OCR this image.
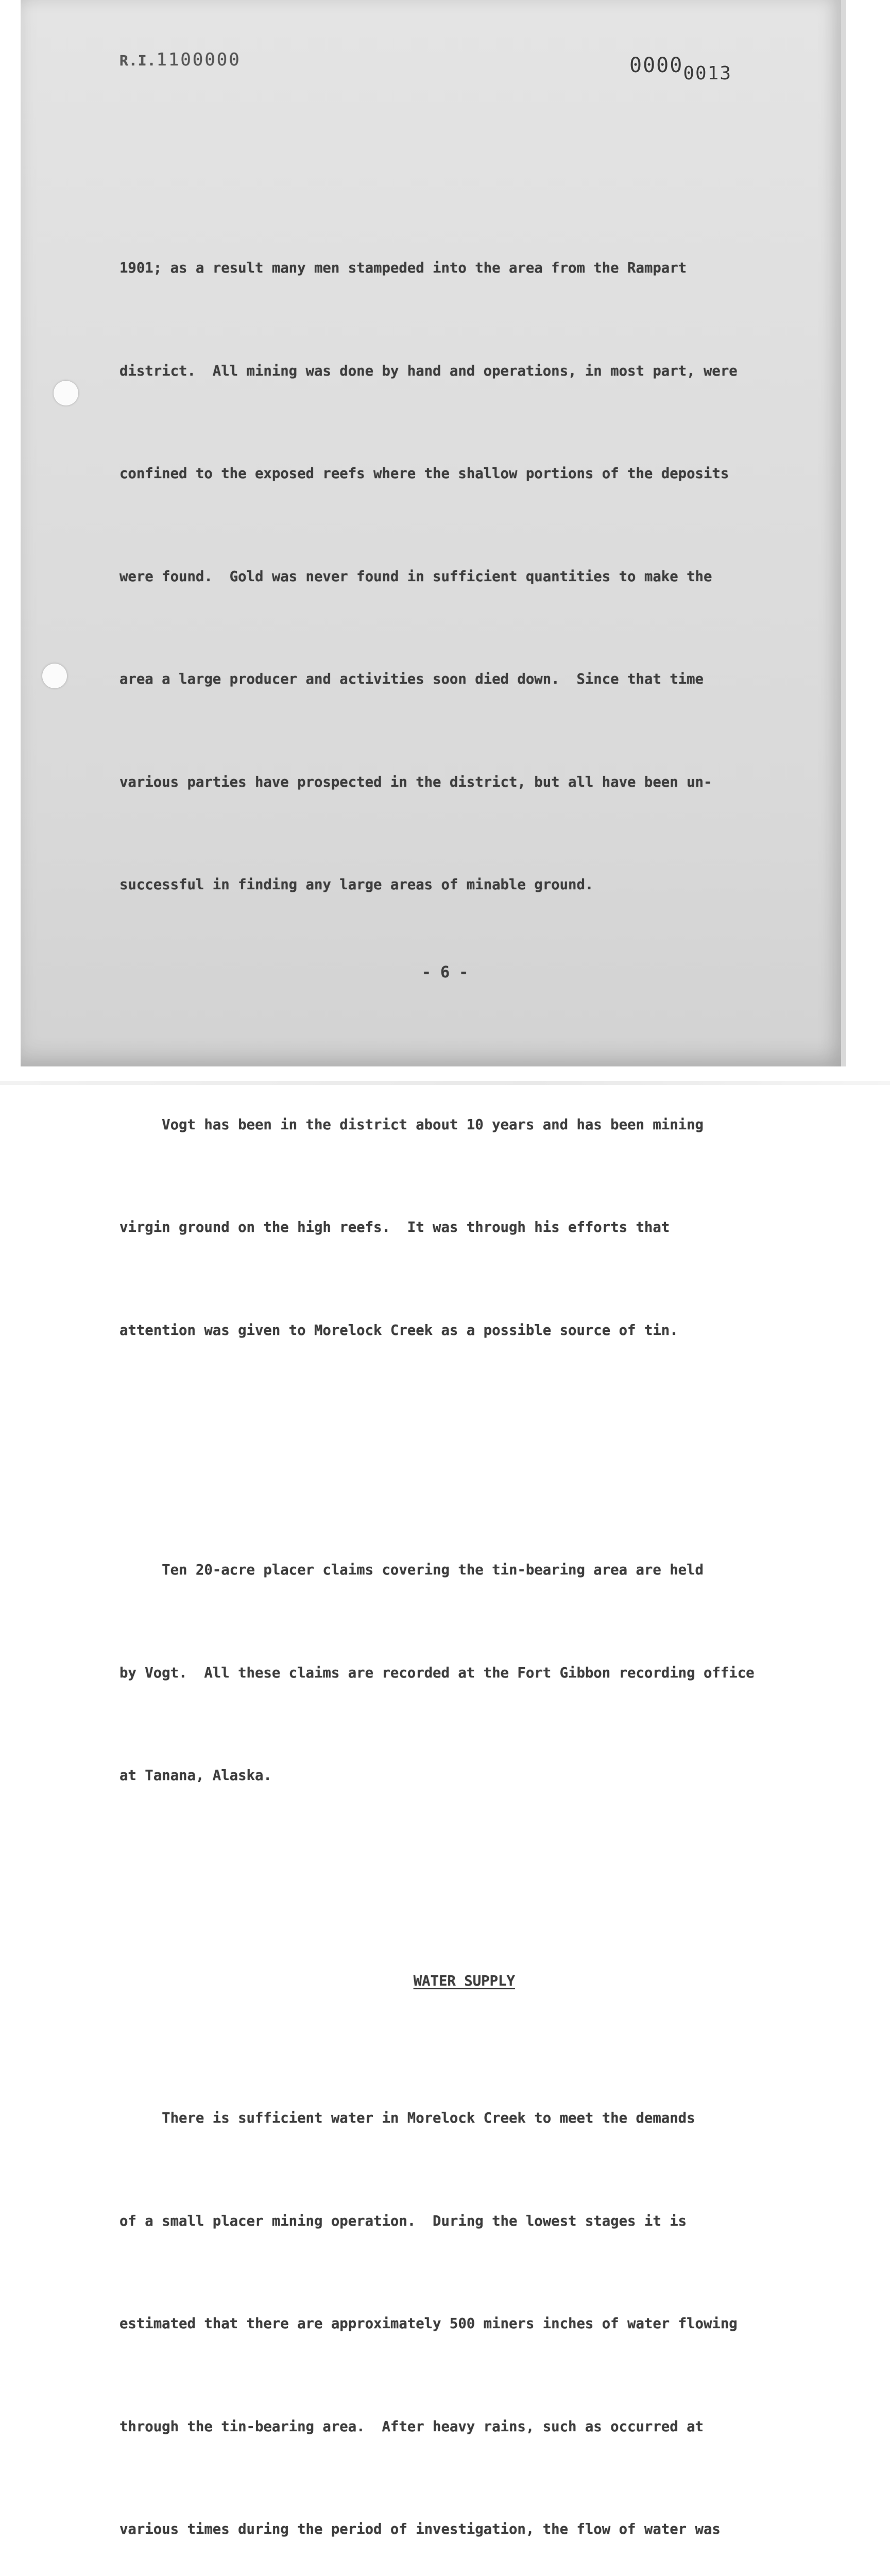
R.I.1100000	00000013

1901; as a result many men stampeded into the area from the Rampart

district.  All mining was done by hand and operations, in most part, were

confined to the exposed reefs where the shallow portions of the deposits

were found.  Gold was never found in sufficient quantities to make the

area a large producer and activities soon died down.  Since that time

various parties have prospected in the district, but all have been un-

successful in finding any large areas of minable ground.

Vogt has been in the district about 10 years and has been mining

virgin ground on the high reefs.  It was through his efforts that

attention was given to Morelock Creek as a possible source of tin.

Ten 20-acre placer claims covering the tin-bearing area are held

by Vogt.  All these claims are recorded at the Fort Gibbon recording office

at Tanana, Alaska.

WATER SUPPLY

There is sufficient water in Morelock Creek to meet the demands

of a small placer mining operation.  During the lowest stages it is

estimated that there are approximately 500 miners inches of water flowing

through the tin-bearing area.  After heavy rains, such as occurred at

various times during the period of investigation, the flow of water was

- 6 -
